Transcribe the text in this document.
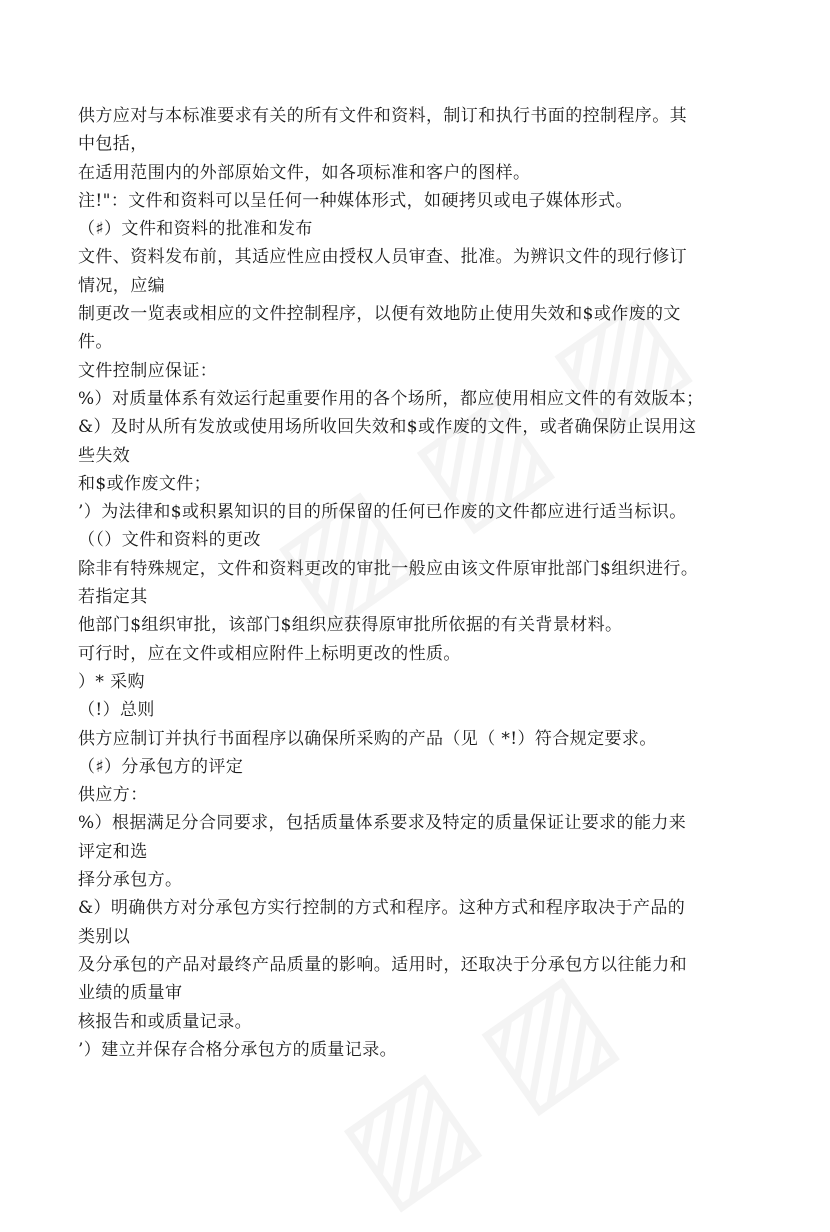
供方应对与本标准要求有关的所有文件和资料，制订和执行书面的控制程序。其
中包括，
在适用范围内的外部原始文件，如各项标准和客户的图样。
注!"：文件和资料可以呈任何一种媒体形式，如硬拷贝或电子媒体形式。
（♯）文件和资料的批准和发布
文件、资料发布前，其适应性应由授权人员审查、批准。为辨识文件的现行修订
情况，应编
制更改一览表或相应的文件控制程序，以便有效地防止使用失效和$或作废的文
件。
文件控制应保证：
%）对质量体系有效运行起重要作用的各个场所，都应使用相应文件的有效版本；
&）及时从所有发放或使用场所收回失效和$或作废的文件，或者确保防止误用这
些失效
和$或作废文件；
’）为法律和$或积累知识的目的所保留的任何已作废的文件都应进行适当标识。
（（）文件和资料的更改
除非有特殊规定，文件和资料更改的审批一般应由该文件原审批部门$组织进行。
若指定其
他部门$组织审批，该部门$组织应获得原审批所依据的有关背景材料。
可行时，应在文件或相应附件上标明更改的性质。
）* 采购
（!）总则
供方应制订并执行书面程序以确保所采购的产品（见（ *!）符合规定要求。
（♯）分承包方的评定
供应方：
%）根据满足分合同要求，包括质量体系要求及特定的质量保证让要求的能力来
评定和选
择分承包方。
&）明确供方对分承包方实行控制的方式和程序。这种方式和程序取决于产品的
类别以
及分承包的产品对最终产品质量的影响。适用时，还取决于分承包方以往能力和
业绩的质量审
核报告和或质量记录。
’）建立并保存合格分承包方的质量记录。
